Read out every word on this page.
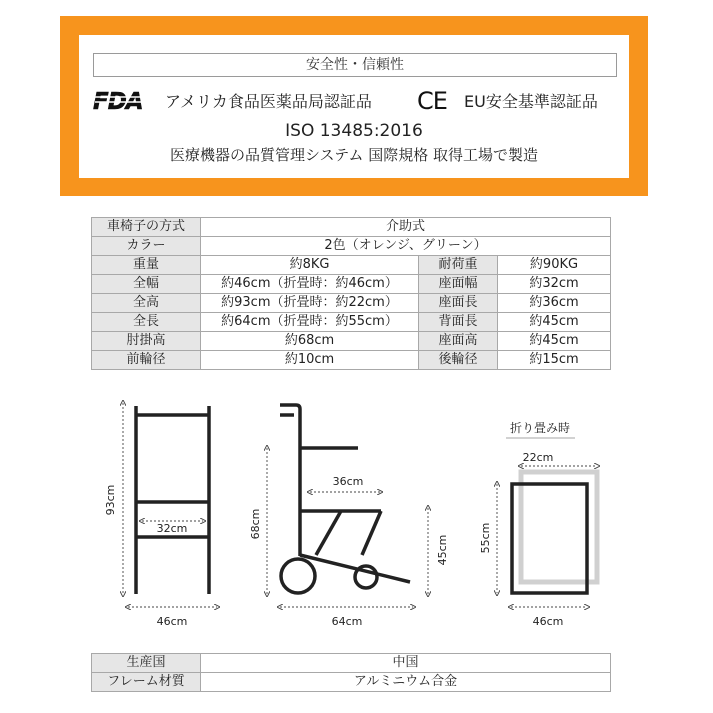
安全性・信頼性
FDA アメリカ食品医薬品局認証品 CE EU安全基準認証品
ISO 13485:2016
医療機器の品質管理システム 国際規格 取得工場で製造
車椅子の方式	介助式		
カラー	2色（オレンジ、グリーン）		
重量	約8KG	耐荷重	約90KG
全幅	約46cm（折畳時：約46cm）	座面幅	約32cm
全高	約93cm（折畳時：約22cm）	座面長	約36cm
全長	約64cm（折畳時：約55cm）	背面長	約45cm
肘掛高	約68cm	座面高	約45cm
前輪径	約10cm	後輪径	約15cm
93cm
32cm
46cm
68cm
36cm
45cm
64cm
折り畳み時
22cm
55cm
46cm
生産国	中国
フレーム材質	アルミニウム合金
